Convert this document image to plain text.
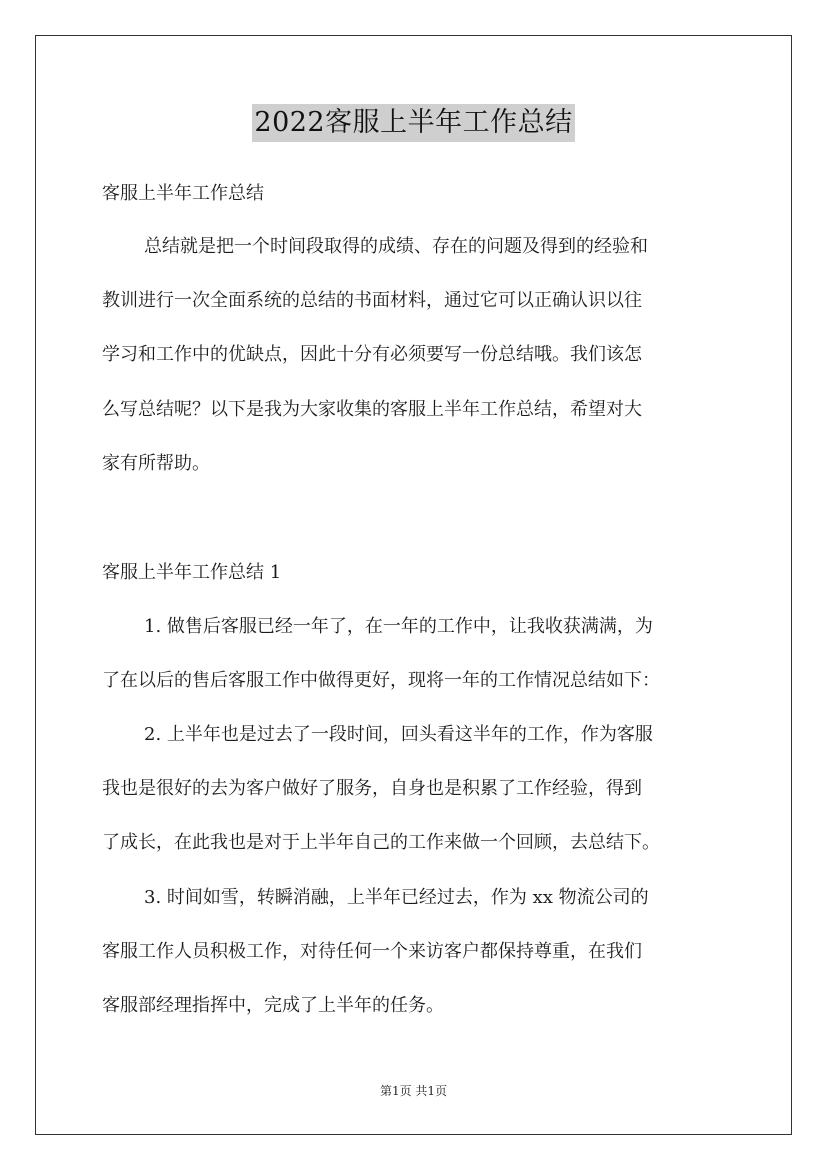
2022客服上半年工作总结
客服上半年工作总结
总结就是把一个时间段取得的成绩、存在的问题及得到的经验和
教训进行一次全面系统的总结的书面材料，通过它可以正确认识以往
学习和工作中的优缺点，因此十分有必须要写一份总结哦。我们该怎
么写总结呢？以下是我为大家收集的客服上半年工作总结，希望对大
家有所帮助。
客服上半年工作总结 1
1. 做售后客服已经一年了，在一年的工作中，让我收获满满，为
了在以后的售后客服工作中做得更好，现将一年的工作情况总结如下：
2. 上半年也是过去了一段时间，回头看这半年的工作，作为客服
我也是很好的去为客户做好了服务，自身也是积累了工作经验，得到
了成长，在此我也是对于上半年自己的工作来做一个回顾，去总结下。
3. 时间如雪，转瞬消融，上半年已经过去，作为 xx 物流公司的
客服工作人员积极工作，对待任何一个来访客户都保持尊重，在我们
客服部经理指挥中，完成了上半年的任务。
第1页 共1页
